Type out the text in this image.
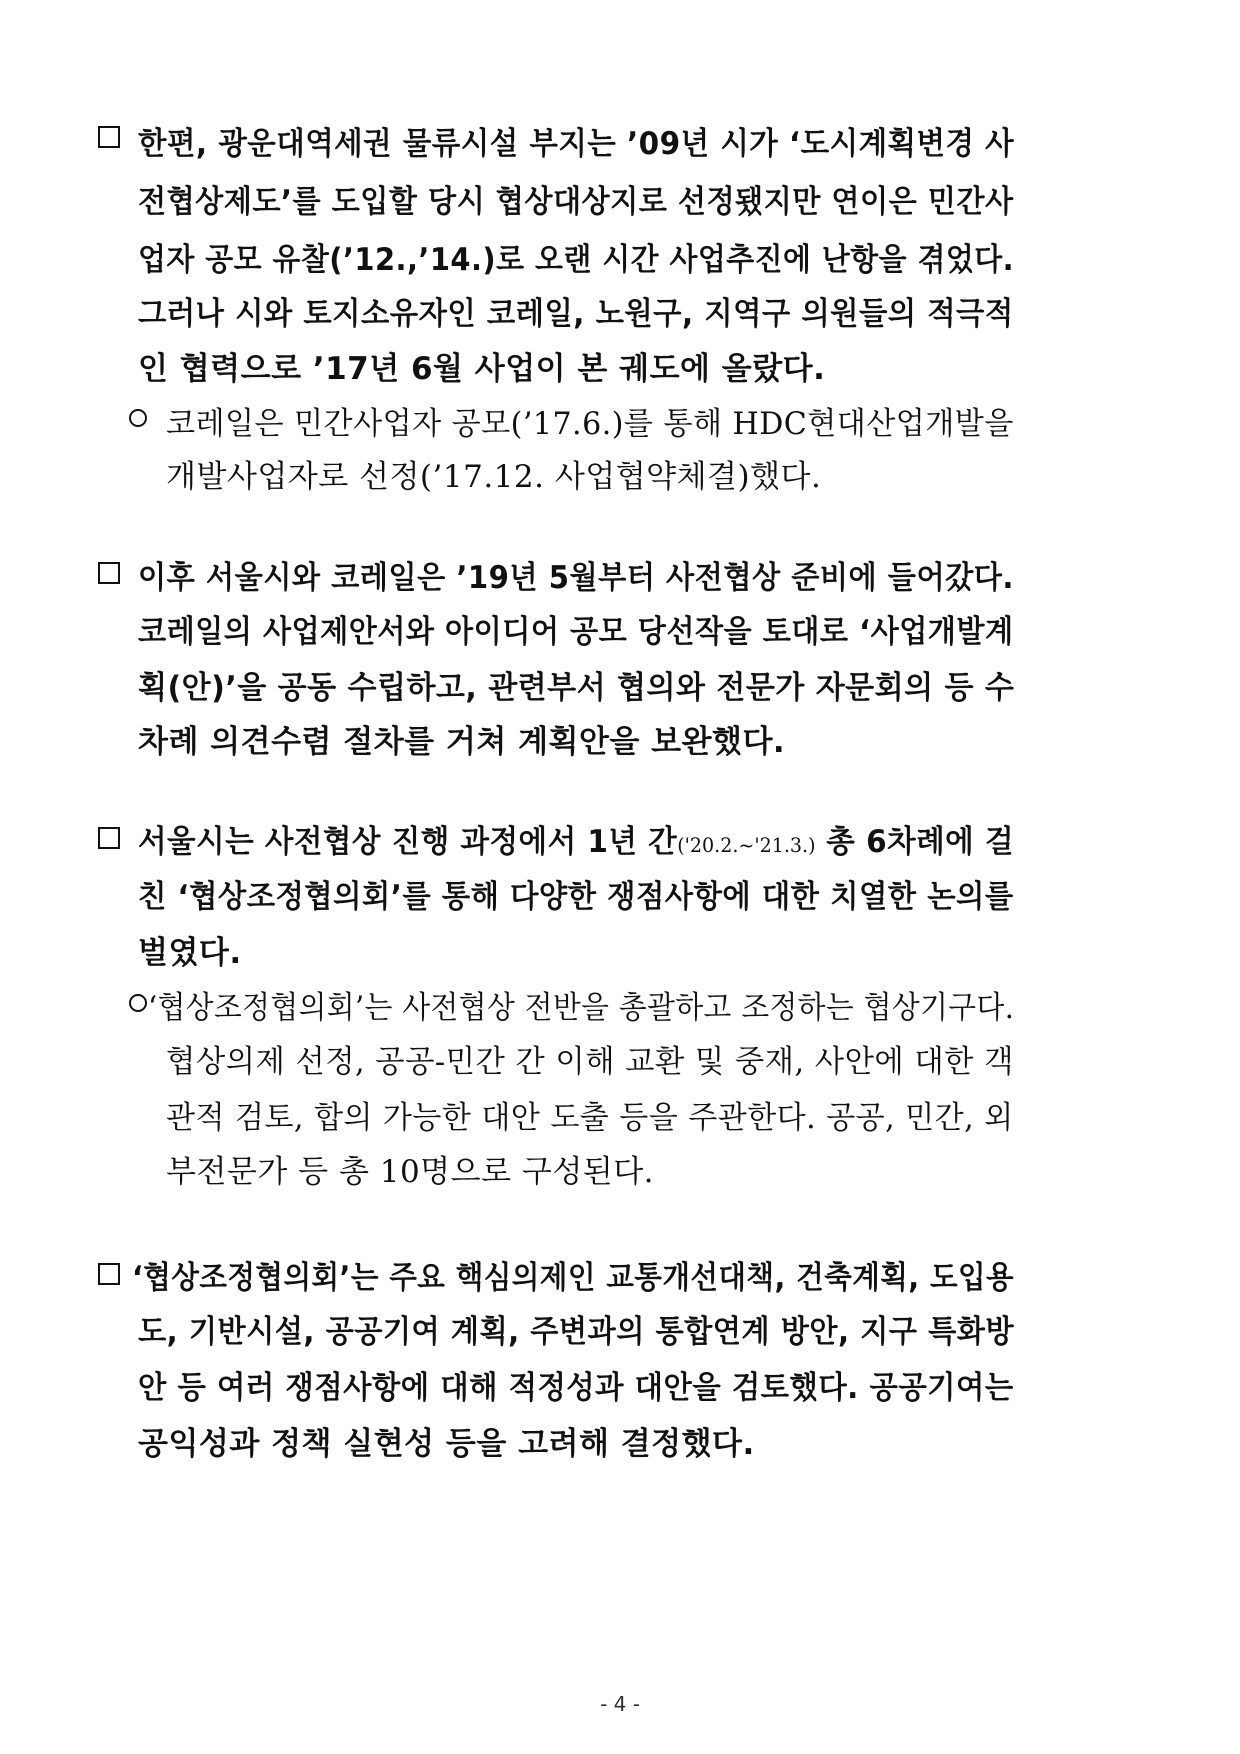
한편, 광운대역세권 물류시설 부지는 ’09년 시가 ‘도시계획변경 사
전협상제도’를 도입할 당시 협상대상지로 선정됐지만 연이은 민간사
업자 공모 유찰(’12.,’14.)로 오랜 시간 사업추진에 난항을 겪었다.
그러나 시와 토지소유자인 코레일, 노원구, 지역구 의원들의 적극적
인 협력으로 ’17년 6월 사업이 본 궤도에 올랐다.
코레일은 민간사업자 공모(’17.6.)를 통해 HDC현대산업개발을
개발사업자로 선정(’17.12. 사업협약체결)했다.
이후 서울시와 코레일은 ’19년 5월부터 사전협상 준비에 들어갔다.
코레일의 사업제안서와 아이디어 공모 당선작을 토대로 ‘사업개발계
획(안)’을 공동 수립하고, 관련부서 협의와 전문가 자문회의 등 수
차례 의견수렴 절차를 거쳐 계획안을 보완했다.
서울시는 사전협상 진행 과정에서 1년 간('20.2.~'21.3.) 총 6차례에 걸
친 ‘협상조정협의회’를 통해 다양한 쟁점사항에 대한 치열한 논의를
벌였다.
‘협상조정협의회’는 사전협상 전반을 총괄하고 조정하는 협상기구다.
협상의제 선정, 공공-민간 간 이해 교환 및 중재, 사안에 대한 객
관적 검토, 합의 가능한 대안 도출 등을 주관한다. 공공, 민간, 외
부전문가 등 총 10명으로 구성된다.
‘협상조정협의회’는 주요 핵심의제인 교통개선대책, 건축계획, 도입용
도, 기반시설, 공공기여 계획, 주변과의 통합연계 방안, 지구 특화방
안 등 여러 쟁점사항에 대해 적정성과 대안을 검토했다. 공공기여는
공익성과 정책 실현성 등을 고려해 결정했다.
- 4 -
